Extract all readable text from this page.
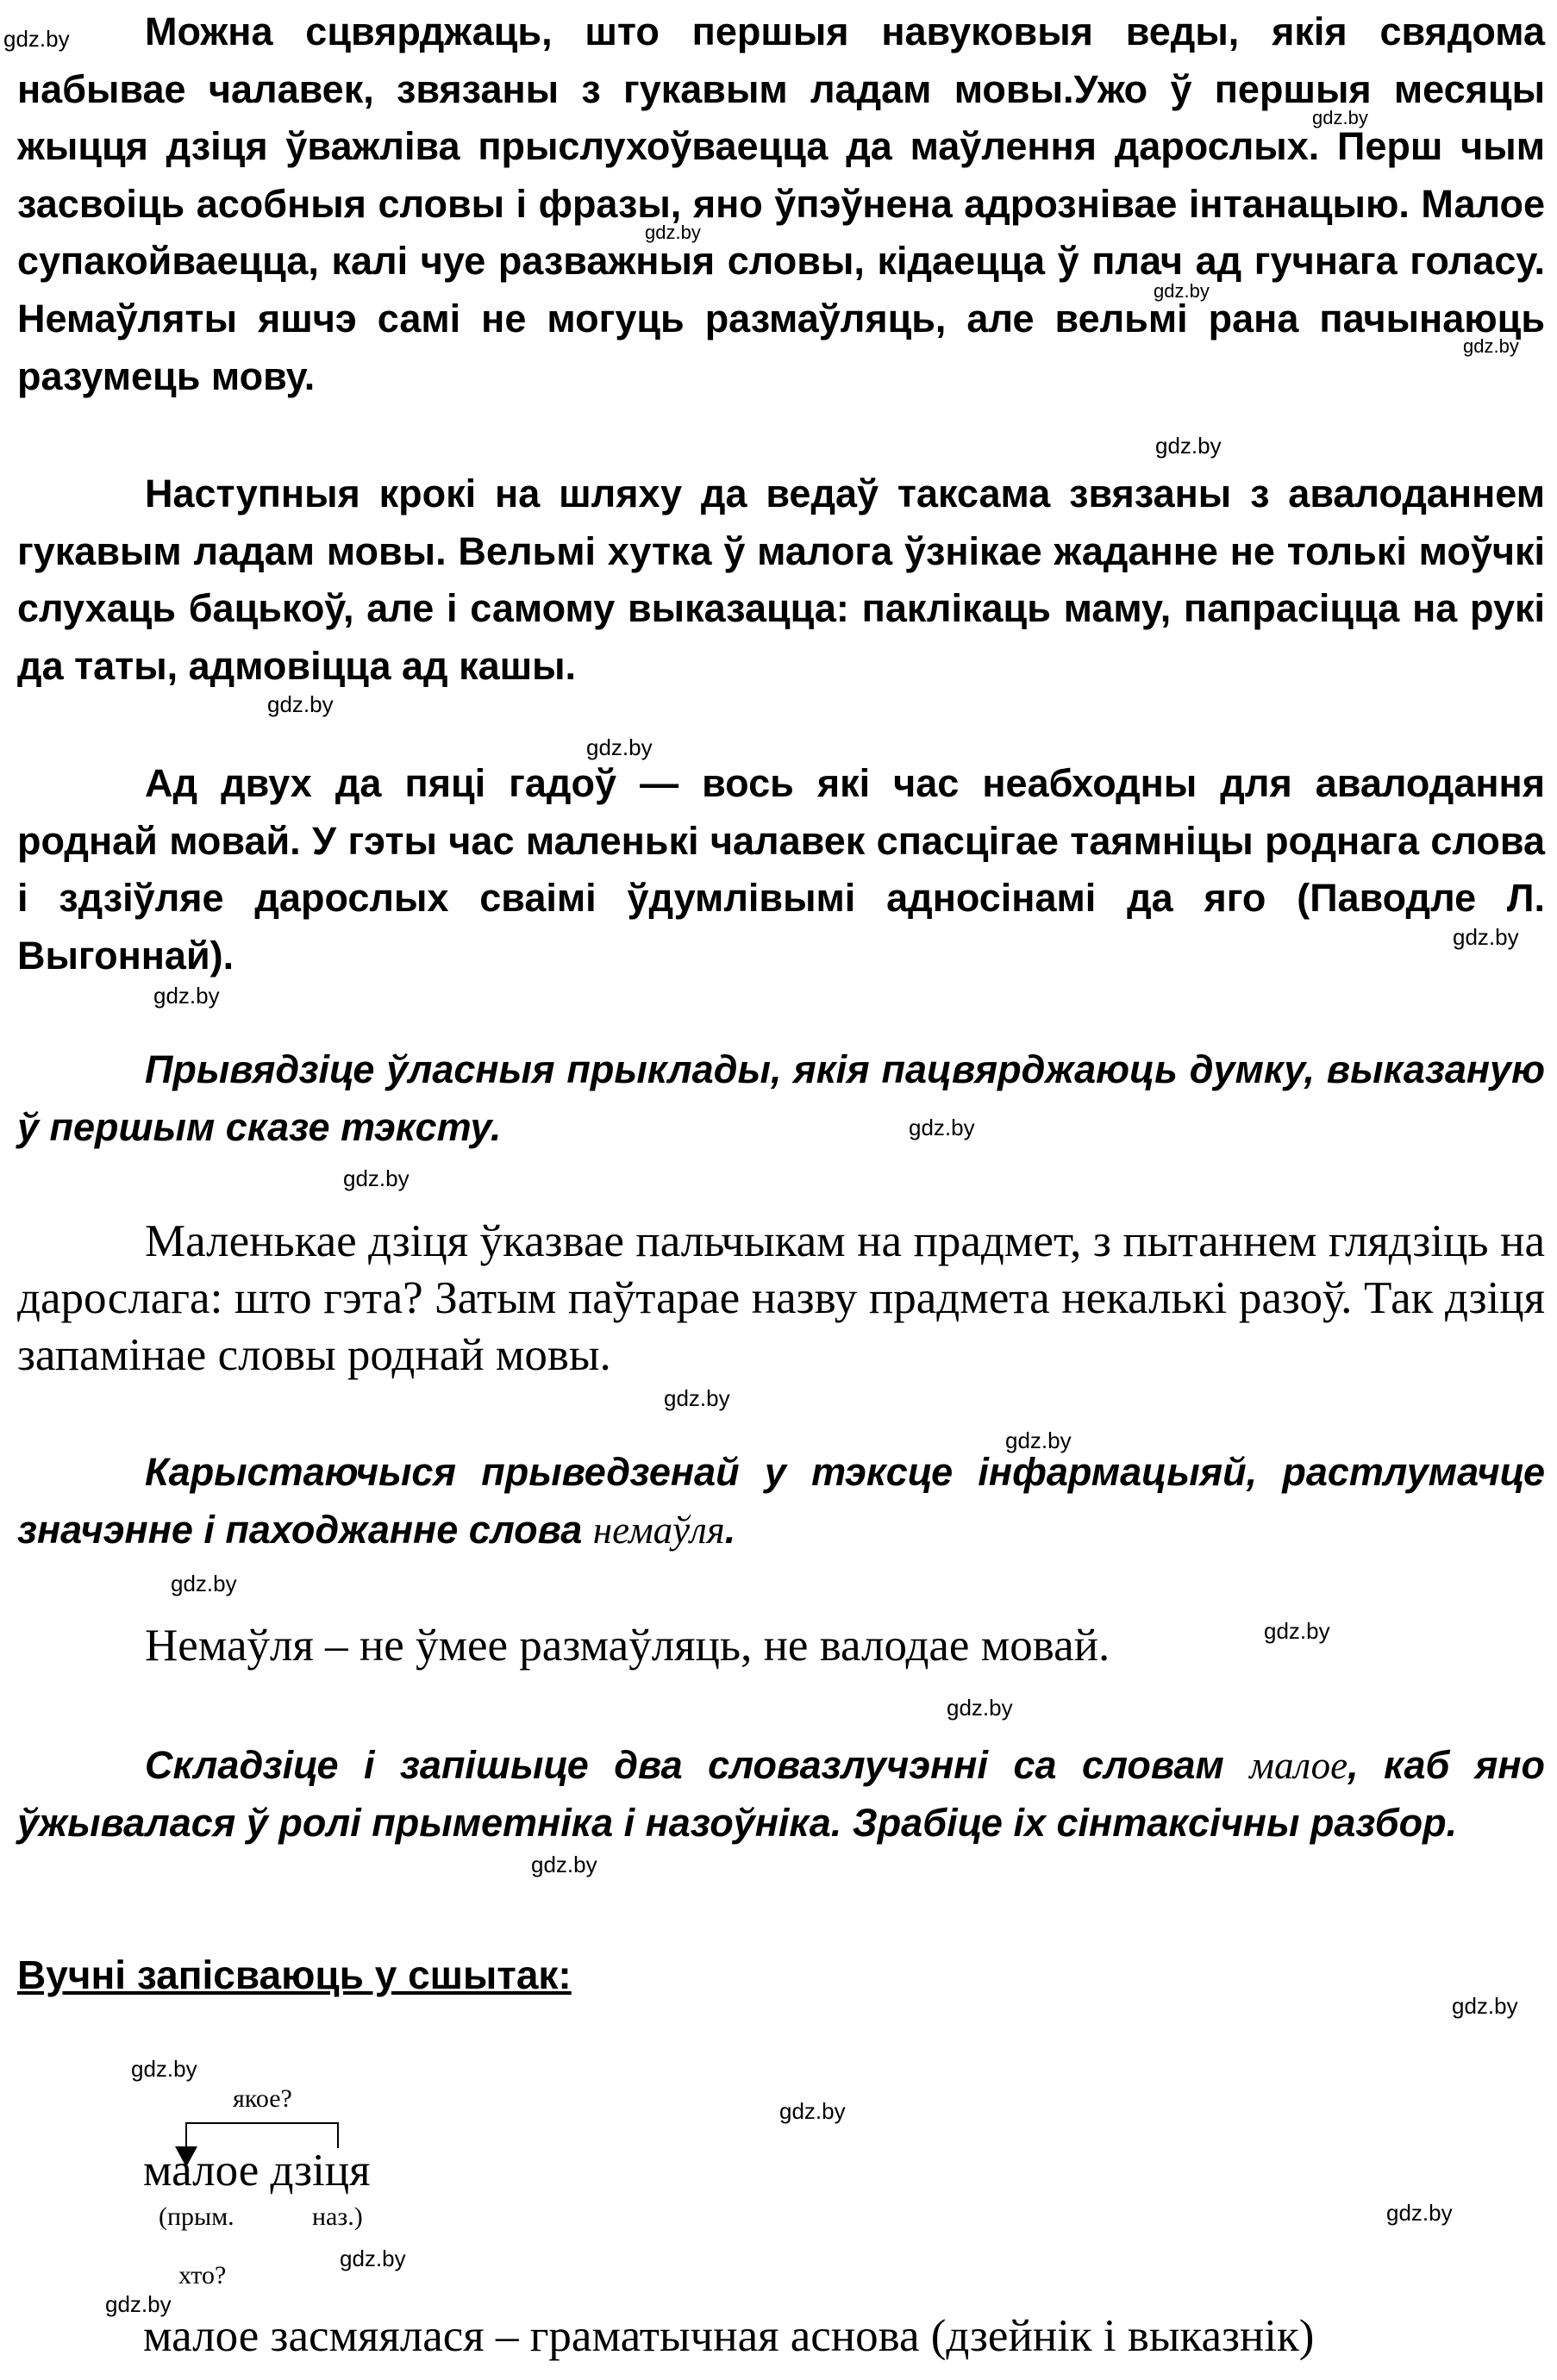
Можна сцвярджаць, што першыя навуковыя веды, якія свядома набывае чалавек, звязаны з гукавым ладам мовы.Ужо ў першыя месяцы жыцця дзіця ўважліва прыслухоўваецца да маўлення дарослых. Перш чым засвоіць асобныя словы і фразы, яно ўпэўнена адрознівае інтанацыю. Малое супакойваецца, калі чуе разважныя словы, кідаецца ў плач ад гучнага голасу. Немаўляты яшчэ самі не могуць размаўляць, але вельмі рана пачынаюць разумець мову.

Наступныя крокі на шляху да ведаў таксама звязаны з авалоданнем гукавым ладам мовы. Вельмі хутка ў малога ўзнікае жаданне не толькі моўчкі слухаць бацькоў, але і самому выказацца: паклікаць маму, папрасіцца на рукі да таты, адмовіцца ад кашы.

Ад двух да пяці гадоў — вось які час неабходны для авалодання роднай мовай. У гэты час маленькі чалавек спасцігае таямніцы роднага слова і здзіўляе дарослых сваімі ўдумлівымі адносінамі да яго (Паводле Л. Выгоннай).

Прывядзіце ўласныя прыклады, якія пацвярджаюць думку, выказаную ў першым сказе тэксту.

Маленькае дзіця ўказвае пальчыкам на прадмет, з пытаннем глядзіць на дарослага: што гэта? Затым паўтарае назву прадмета некалькі разоў. Так дзіця запамінае словы роднай мовы.

Карыстаючыся прыведзенай у тэксце інфармацыяй, растлумачце значэнне і паходжанне слова немаўля.

Немаўля – не ўмее размаўляць, не валодае мовай.

Складзіце і запішыце два словазлучэнні са словам малое, каб яно ўжывалася ў ролі прыметніка і назоўніка. Зрабіце іх сінтаксічны разбор.

Вучні запісваюць у сшытак:

якое?
малое дзіця
(прым.	наз.)
хто?
малое засмяялася – граматычная аснова (дзейнік і выказнік)
gdz.by
gdz.by
gdz.by
gdz.by
gdz.by
gdz.by
gdz.by
gdz.by
gdz.by
gdz.by
gdz.by
gdz.by
gdz.by
gdz.by
gdz.by
gdz.by
gdz.by
gdz.by
gdz.by
gdz.by
gdz.by
gdz.by
gdz.by
gdz.by
